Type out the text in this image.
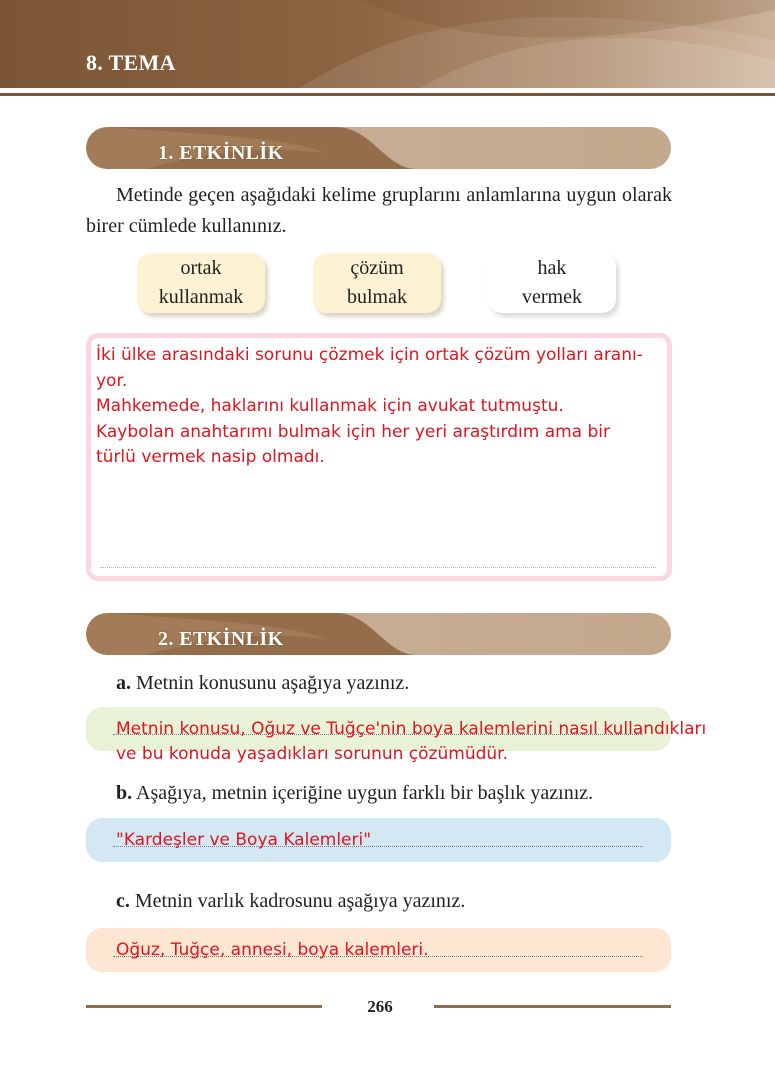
8. TEMA
1. ETKİNLİK
Metinde geçen aşağıdaki kelime gruplarını anlamlarına uygun olarak birer cümlede kullanınız.
ortak
kullanmak
çözüm
bulmak
hak
vermek
İki ülke arasındaki sorunu çözmek için ortak çözüm yolları aranı-
yor.
Mahkemede, haklarını kullanmak için avukat tutmuştu.
Kaybolan anahtarımı bulmak için her yeri araştırdım ama bir
türlü vermek nasip olmadı.
2. ETKİNLİK
a. Metnin konusunu aşağıya yazınız.
Metnin konusu, Oğuz ve Tuğçe'nin boya kalemlerini nasıl kullandıkları
ve bu konuda yaşadıkları sorunun çözümüdür.
b. Aşağıya, metnin içeriğine uygun farklı bir başlık yazınız.
"Kardeşler ve Boya Kalemleri"
c. Metnin varlık kadrosunu aşağıya yazınız.
Oğuz, Tuğçe, annesi, boya kalemleri.
266
